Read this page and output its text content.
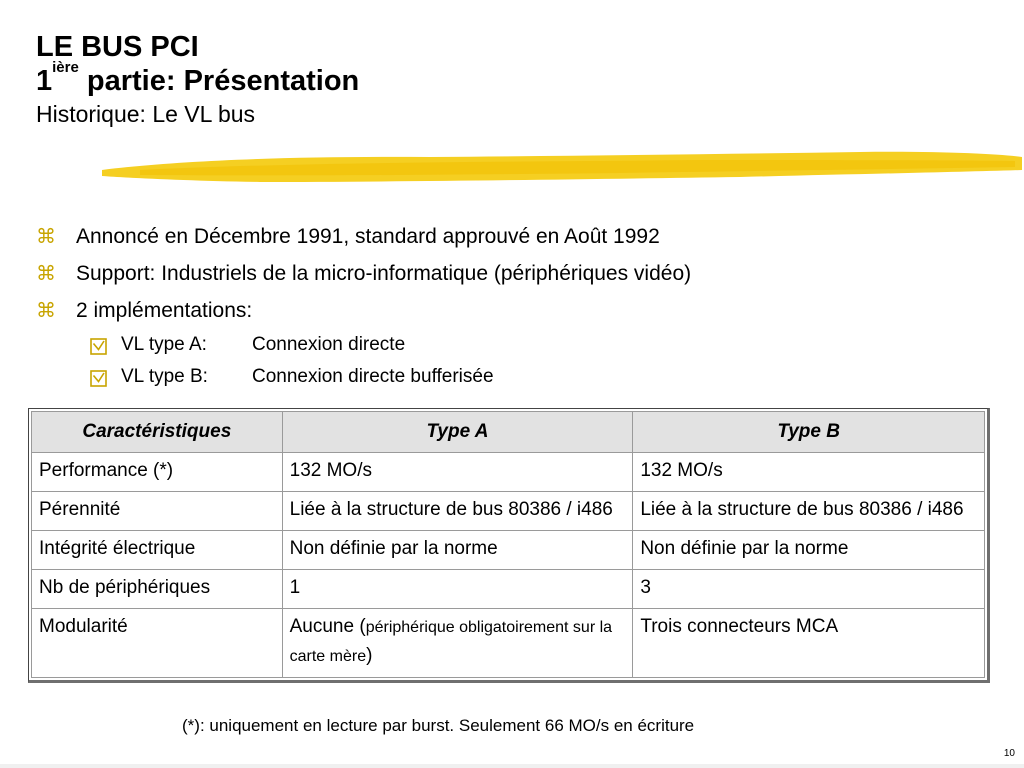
LE BUS PCI
$1^{ière}$ partie: Présentation
Historique: Le VL bus
⌘ Annoncé en Décembre 1991, standard approuvé en Août 1992
⌘ Support: Industriels de la micro-informatique (périphériques vidéo)
⌘ 2 implémentations:
VL type A: Connexion directe
VL type B: Connexion directe bufferisée
Caractéristiques	Type A	Type B
Performance (*)	132 MO/s	132 MO/s
Pérennité	Liée à la structure de bus 80386 / i486	Liée à la structure de bus 80386 / i486
Intégrité électrique	Non définie par la norme	Non définie par la norme
Nb de périphériques	1	3
Modularité	Aucune (périphérique obligatoirement sur la carte mère)	Trois connecteurs MCA
(*): uniquement en lecture par burst. Seulement 66 MO/s en écriture
10
